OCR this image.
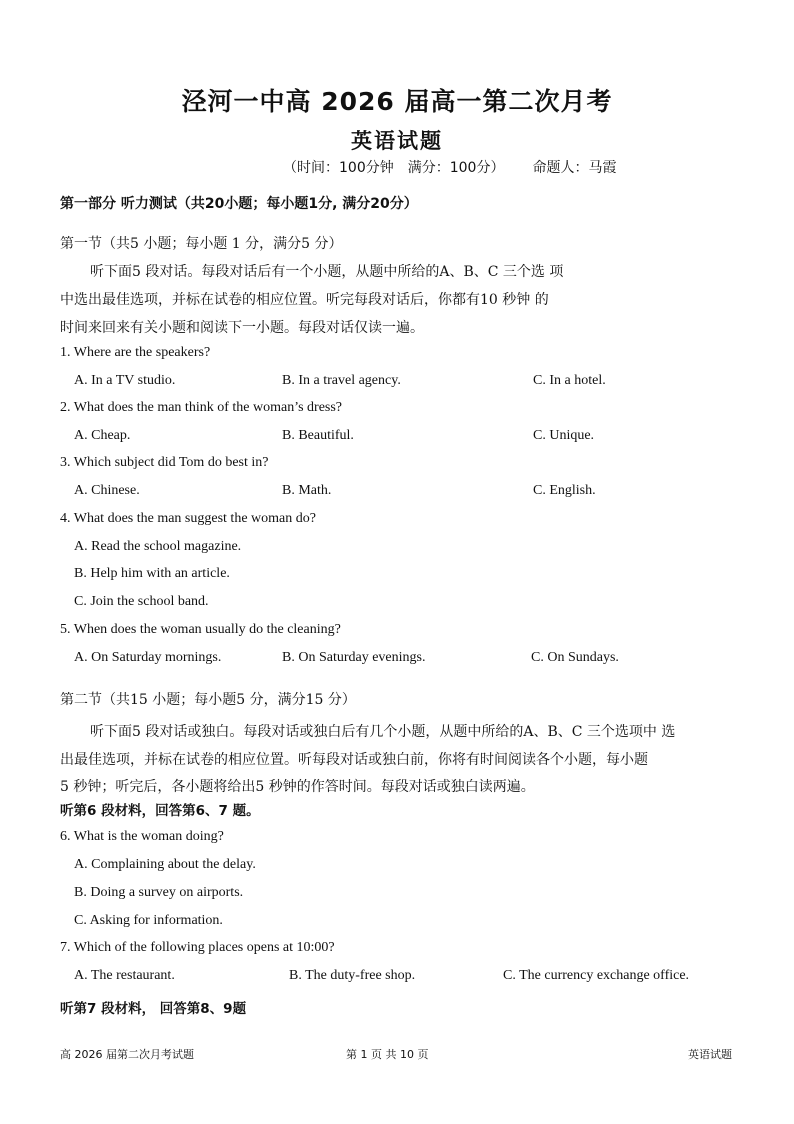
泾河一中高 2026 届高一第二次月考
英语试题
（时间：100分钟 满分：100分） 命题人：马霞
第一部分 听力测试（共20小题；每小题1分, 满分20分）
第一节（共5 小题；每小题 1 分，满分5 分）
听下面5 段对话。每段对话后有一个小题，从题中所给的A、B、C 三个选 项
中选出最佳选项，并标在试卷的相应位置。听完每段对话后，你都有10 秒钟 的
时间来回来有关小题和阅读下一小题。每段对话仅读一遍。
1. Where are the speakers?
A. In a TV studio.	B. In a travel agency.	C. In a hotel.
2. What does the man think of the woman’s dress?
A. Cheap.	B. Beautiful.	C. Unique.
3. Which subject did Tom do best in?
A. Chinese.	B. Math.	C. English.
4. What does the man suggest the woman do?
A. Read the school magazine.
B. Help him with an article.
C. Join the school band.
5. When does the woman usually do the cleaning?
A. On Saturday mornings.	B. On Saturday evenings.	C. On Sundays.
第二节（共15 小题；每小题5 分，满分15 分）
听下面5 段对话或独白。每段对话或独白后有几个小题，从题中所给的A、B、C 三个选项中 选
出最佳选项，并标在试卷的相应位置。听每段对话或独白前，你将有时间阅读各个小题，每小题
5 秒钟；听完后，各小题将给出5 秒钟的作答时间。每段对话或独白读两遍。
听第6 段材料，回答第6、7 题。
6. What is the woman doing?
A. Complaining about the delay.
B. Doing a survey on airports.
C. Asking for information.
7. Which of the following places opens at 10:00?
A. The restaurant.	B. The duty-free shop.	C. The currency exchange office.
听第7 段材料， 回答第8、9题
高 2026 届第二次月考试题	第 1 页 共 10 页	英语试题
